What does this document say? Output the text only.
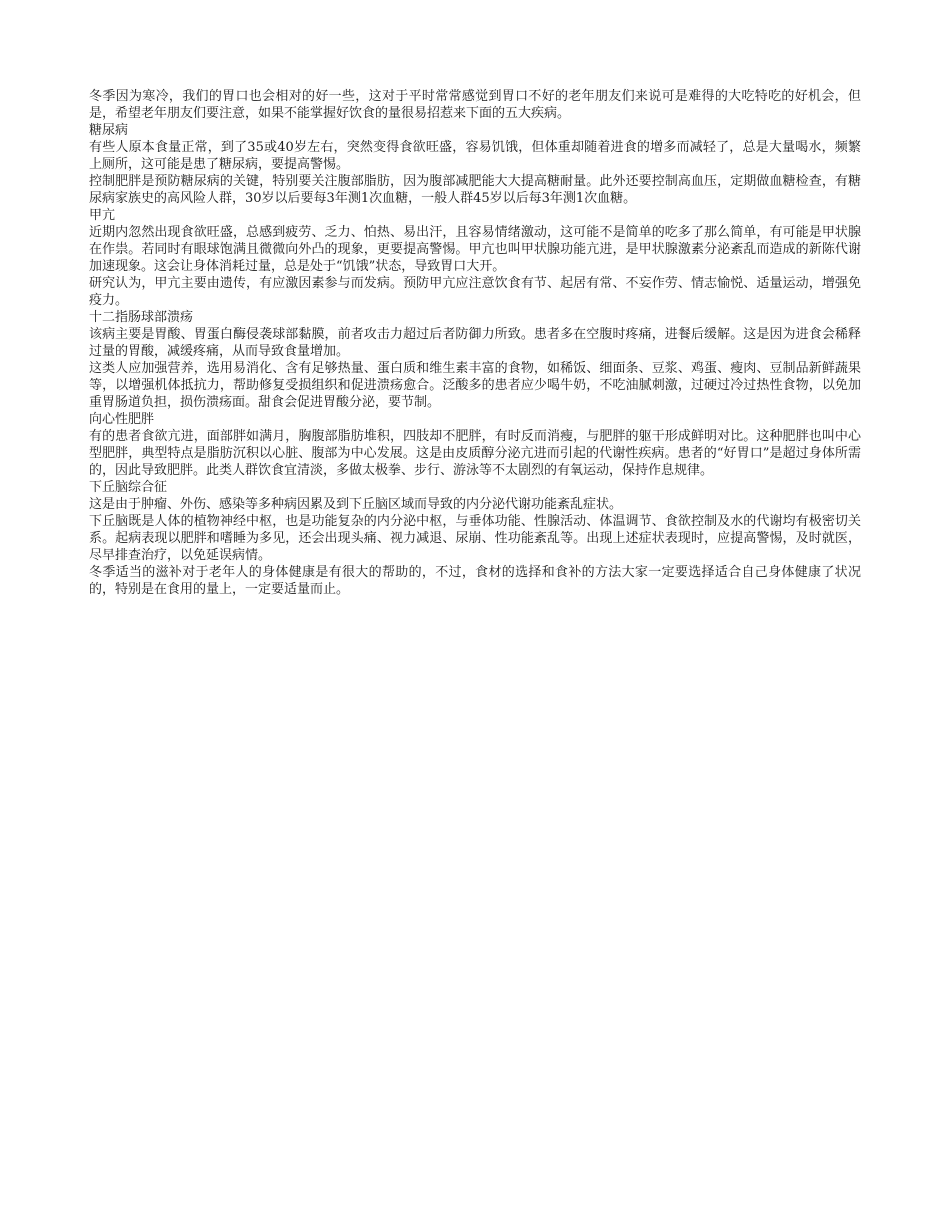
冬季因为寒冷，我们的胃口也会相对的好一些，这对于平时常常感觉到胃口不好的老年朋友们来说可是难得的大吃特吃的好机会，但是，希望老年朋友们要注意，如果不能掌握好饮食的量很易招惹来下面的五大疾病。

糖尿病

有些人原本食量正常，到了35或40岁左右，突然变得食欲旺盛，容易饥饿，但体重却随着进食的增多而减轻了，总是大量喝水，频繁上厕所，这可能是患了糖尿病，要提高警惕。

控制肥胖是预防糖尿病的关键，特别要关注腹部脂肪，因为腹部减肥能大大提高糖耐量。此外还要控制高血压，定期做血糖检查，有糖尿病家族史的高风险人群，30岁以后要每3年测1次血糖，一般人群45岁以后每3年测1次血糖。

甲亢

近期内忽然出现食欲旺盛，总感到疲劳、乏力、怕热、易出汗，且容易情绪激动，这可能不是简单的吃多了那么简单，有可能是甲状腺在作祟。若同时有眼球饱满且微微向外凸的现象，更要提高警惕。甲亢也叫甲状腺功能亢进，是甲状腺激素分泌紊乱而造成的新陈代谢加速现象。这会让身体消耗过量，总是处于“饥饿”状态，导致胃口大开。

研究认为，甲亢主要由遗传，有应激因素参与而发病。预防甲亢应注意饮食有节、起居有常、不妄作劳、情志愉悦、适量运动，增强免疫力。

十二指肠球部溃疡

该病主要是胃酸、胃蛋白酶侵袭球部黏膜，前者攻击力超过后者防御力所致。患者多在空腹时疼痛，进餐后缓解。这是因为进食会稀释过量的胃酸，减缓疼痛，从而导致食量增加。

这类人应加强营养，选用易消化、含有足够热量、蛋白质和维生素丰富的食物，如稀饭、细面条、豆浆、鸡蛋、瘦肉、豆制品新鲜蔬果等，以增强机体抵抗力，帮助修复受损组织和促进溃疡愈合。泛酸多的患者应少喝牛奶，不吃油腻刺激，过硬过冷过热性食物，以免加重胃肠道负担，损伤溃疡面。甜食会促进胃酸分泌，要节制。

向心性肥胖

有的患者食欲亢进，面部胖如满月，胸腹部脂肪堆积，四肢却不肥胖，有时反而消瘦，与肥胖的躯干形成鲜明对比。这种肥胖也叫中心型肥胖，典型特点是脂肪沉积以心脏、腹部为中心发展。这是由皮质醇分泌亢进而引起的代谢性疾病。患者的“好胃口”是超过身体所需的，因此导致肥胖。此类人群饮食宜清淡，多做太极拳、步行、游泳等不太剧烈的有氧运动，保持作息规律。

下丘脑综合征

这是由于肿瘤、外伤、感染等多种病因累及到下丘脑区域而导致的内分泌代谢功能紊乱症状。

下丘脑既是人体的植物神经中枢，也是功能复杂的内分泌中枢，与垂体功能、性腺活动、体温调节、食欲控制及水的代谢均有极密切关系。起病表现以肥胖和嗜睡为多见，还会出现头痛、视力减退、尿崩、性功能紊乱等。出现上述症状表现时，应提高警惕，及时就医，尽早排查治疗，以免延误病情。

冬季适当的滋补对于老年人的身体健康是有很大的帮助的，不过，食材的选择和食补的方法大家一定要选择适合自己身体健康了状况的，特别是在食用的量上，一定要适量而止。
